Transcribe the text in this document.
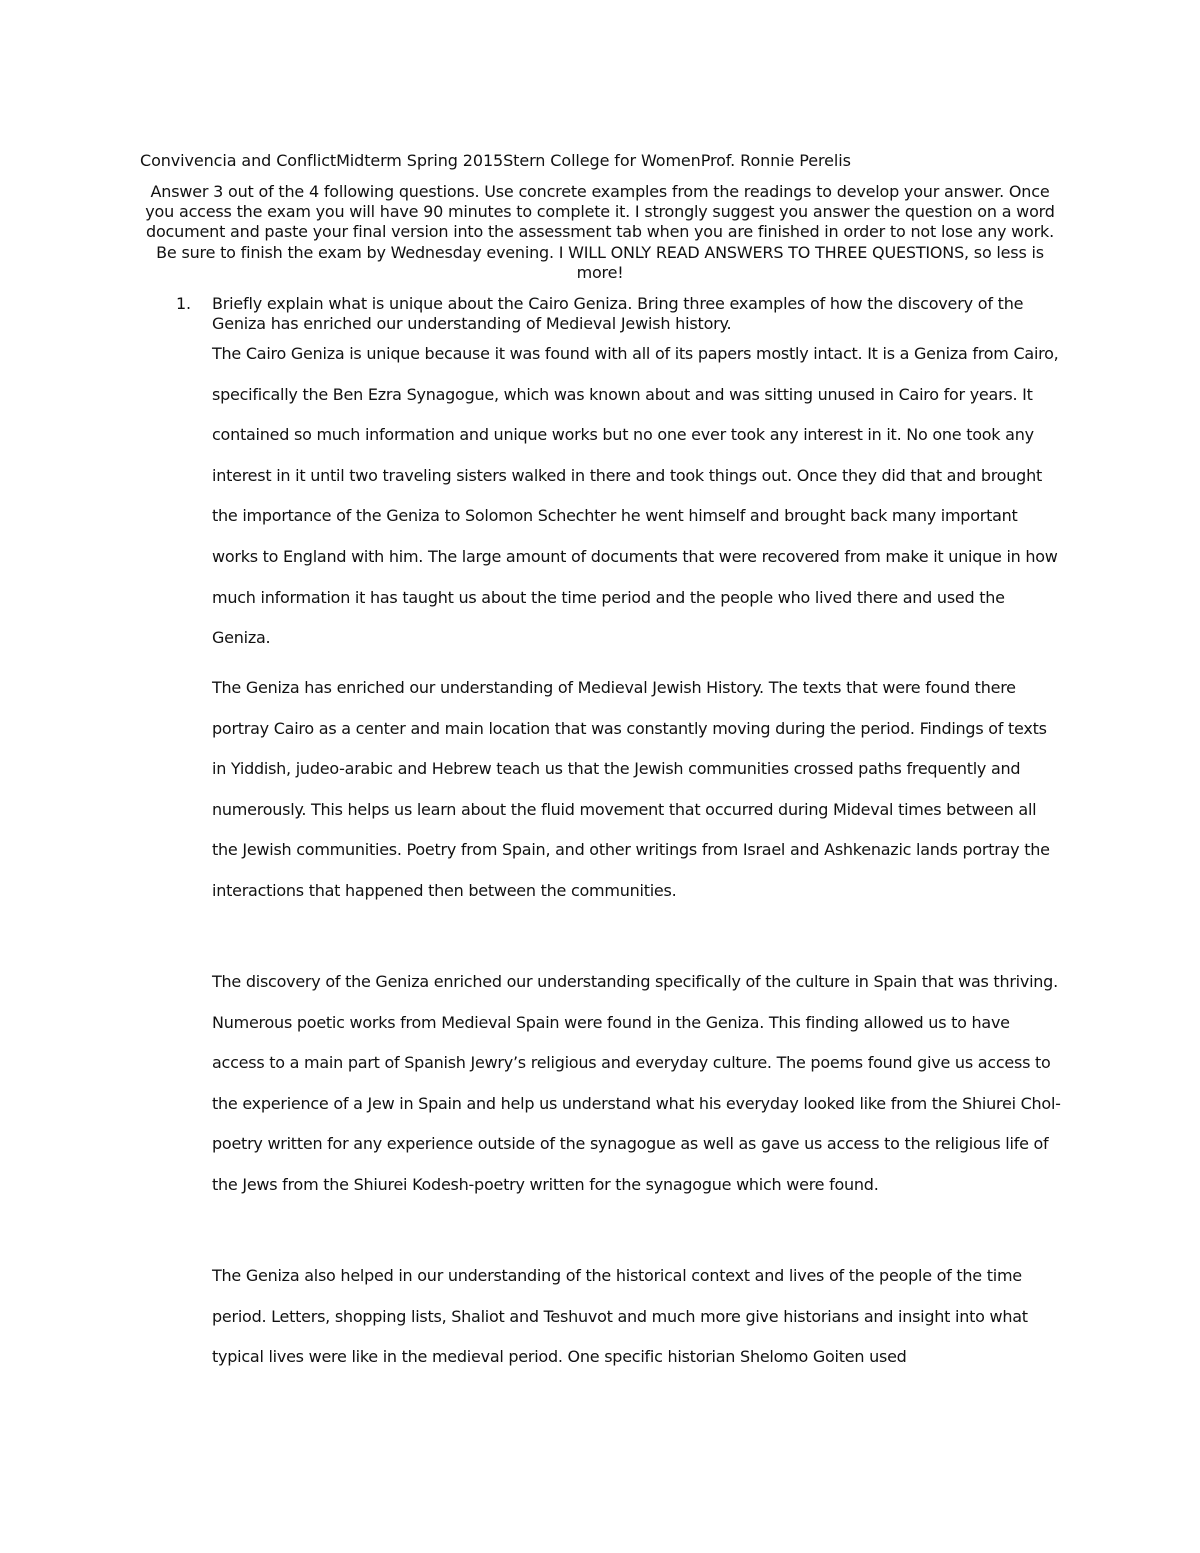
Convivencia and ConflictMidterm Spring 2015Stern College for WomenProf. Ronnie Perelis
Answer 3 out of the 4 following questions. Use concrete examples from the readings to develop your answer. Once you access the exam you will have 90 minutes to complete it. I strongly suggest you answer the question on a word document and paste your final version into the assessment tab when you are finished in order to not lose any work. Be sure to finish the exam by Wednesday evening. I WILL ONLY READ ANSWERS TO THREE QUESTIONS, so less is more!
1. Briefly explain what is unique about the Cairo Geniza. Bring three examples of how the discovery of the Geniza has enriched our understanding of Medieval Jewish history.

The Cairo Geniza is unique because it was found with all of its papers mostly intact. It is a Geniza from Cairo, specifically the Ben Ezra Synagogue, which was known about and was sitting unused in Cairo for years. It contained so much information and unique works but no one ever took any interest in it. No one took any interest in it until two traveling sisters walked in there and took things out. Once they did that and brought the importance of the Geniza to Solomon Schechter he went himself and brought back many important works to England with him. The large amount of documents that were recovered from make it unique in how much information it has taught us about the time period and the people who lived there and used the Geniza.

The Geniza has enriched our understanding of Medieval Jewish History. The texts that were found there portray Cairo as a center and main location that was constantly moving during the period. Findings of texts in Yiddish, judeo-arabic and Hebrew teach us that the Jewish communities crossed paths frequently and numerously. This helps us learn about the fluid movement that occurred during Mideval times between all the Jewish communities. Poetry from Spain, and other writings from Israel and Ashkenazic lands portray the interactions that happened then between the communities.

The discovery of the Geniza enriched our understanding specifically of the culture in Spain that was thriving. Numerous poetic works from Medieval Spain were found in the Geniza. This finding allowed us to have access to a main part of Spanish Jewry’s religious and everyday culture. The poems found give us access to the experience of a Jew in Spain and help us understand what his everyday looked like from the Shiurei Chol-poetry written for any experience outside of the synagogue as well as gave us access to the religious life of the Jews from the Shiurei Kodesh-poetry written for the synagogue which were found.

The Geniza also helped in our understanding of the historical context and lives of the people of the time period. Letters, shopping lists, Shaliot and Teshuvot and much more give historians and insight into what typical lives were like in the medieval period. One specific historian Shelomo Goiten used
